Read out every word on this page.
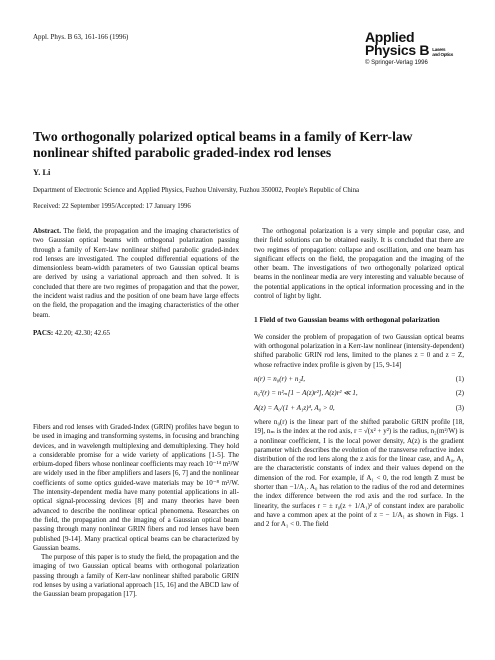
Appl. Phys. B 63, 161-166 (1996)	Applied
Physics B Lasers
and Optics
© Springer-Verlag 1996
Two orthogonally polarized optical beams in a family of Kerr-law nonlinear shifted parabolic graded-index rod lenses
Y. Li
Department of Electronic Science and Applied Physics, Fuzhou University, Fuzhou 350002, People's Republic of China
Received: 22 September 1995/Accepted: 17 January 1996

Abstract. The field, the propagation and the imaging characteristics of two Gaussian optical beams with orthogonal polarization passing through a family of Kerr-law nonlinear shifted parabolic graded-index rod lenses are investigated. The coupled differential equations of the dimensionless beam-width parameters of two Gaussian optical beams are derived by using a variational approach and then solved. It is concluded that there are two regimes of propagation and that the power, the incident waist radius and the position of one beam have large effects on the field, the propagation and the imaging characteristics of the other beam.

PACS: 42.20; 42.30; 42.65

Fibers and rod lenses with Graded-Index (GRIN) profiles have begun to be used in imaging and transforming systems, in focusing and branching devices, and in wavelength multiplexing and demultiplexing. They hold a considerable promise for a wide variety of applications [1-5]. The erbium-doped fibers whose nonlinear coefficients may reach 10⁻¹⁴ m²/W are widely used in the fiber amplifiers and lasers [6, 7] and the nonlinear coefficients of some optics guided-wave materials may be 10⁻⁸ m²/W. The intensity-dependent media have many potential applications in all-optical signal-processing devices [8] and many theories have been advanced to describe the nonlinear optical phenomena. Researches on the field, the propagation and the imaging of a Gaussian optical beam passing through many nonlinear GRIN fibers and rod lenses have been published [9-14]. Many practical optical beams can be characterized by Gaussian beams.

The purpose of this paper is to study the field, the propagation and the imaging of two Gaussian optical beams with orthogonal polarization passing through a family of Kerr-law nonlinear shifted parabolic GRIN rod lenses by using a variational approach [15, 16] and the ABCD law of the Gaussian beam propagation [17].

The orthogonal polarization is a very simple and popular case, and their field solutions can be obtained easily. It is concluded that there are two regimes of propagation: collapse and oscillation, and one beam has significant effects on the field, the propagation and the imaging of the other beam. The investigations of two orthogonally polarized optical beams in the nonlinear media are very interesting and valuable because of the potential applications in the optical information processing and in the control of light by light.

1 Field of two Gaussian beams with orthogonal polarization

We consider the problem of propagation of two Gaussian optical beams with orthogonal polarization in a Kerr-law nonlinear (intensity-dependent) shifted parabolic GRIN rod lens, limited to the planes z = 0 and z = Z, whose refractive index profile is given by [15, 9-14]

n(r) = n₀(r) + n₂I,	(1)
n₀²(r) = n²ₘ[1 − A(z)r²], A(z)r² ≪ 1,	(2)
A(z) = A₀/(1 + A₁z)⁴, A₀ > 0,	(3)

where n₀(r) is the linear part of the shifted parabolic GRIN profile [18, 19], nₘ is the index at the rod axis, r = √(x² + y²) is the radius, n₂(m²/W) is a nonlinear coefficient, I is the local power density, A(z) is the gradient parameter which describes the evolution of the transverse refractive index distribution of the rod lens along the z axis for the linear case, and A₀, A₁ are the characteristic constants of index and their values depend on the dimension of the rod. For example, if A₁ < 0, the rod length Z must be shorter than −1/A₁. A₀ has relation to the radius of the rod and determines the index difference between the rod axis and the rod surface. In the linearity, the surfaces r = ± r₀(z + 1/A₁)² of constant index are parabolic and have a common apex at the point of z = − 1/A₁ as shown in Figs. 1 and 2 for A₁ < 0. The field
